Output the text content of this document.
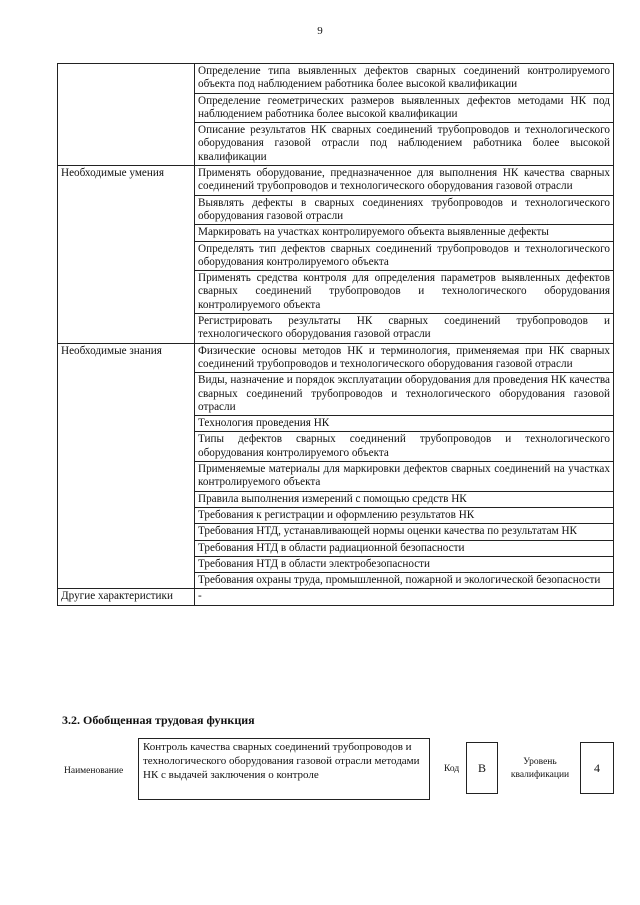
9
	Определение типа выявленных дефектов сварных соединений контролируемого объекта под наблюдением работника более высокой квалификации
	Определение геометрических размеров выявленных дефектов методами НК под наблюдением работника более высокой квалификации
	Описание результатов НК сварных соединений трубопроводов и технологического оборудования газовой отрасли под наблюдением работника более высокой квалификации
Необходимые умения	Применять оборудование, предназначенное для выполнения НК качества сварных соединений трубопроводов и технологического оборудования газовой отрасли
	Выявлять дефекты в сварных соединениях трубопроводов и технологического оборудования газовой отрасли
	Маркировать на участках контролируемого объекта выявленные дефекты
	Определять тип дефектов сварных соединений трубопроводов и технологического оборудования контролируемого объекта
	Применять средства контроля для определения параметров выявленных дефектов сварных соединений трубопроводов и технологического оборудования контролируемого объекта
	Регистрировать результаты НК сварных соединений трубопроводов и технологического оборудования газовой отрасли
Необходимые знания	Физические основы методов НК и терминология, применяемая при НК сварных соединений трубопроводов и технологического оборудования газовой отрасли
	Виды, назначение и порядок эксплуатации оборудования для проведения НК качества сварных соединений трубопроводов и технологического оборудования газовой отрасли
	Технология проведения НК
	Типы дефектов сварных соединений трубопроводов и технологического оборудования контролируемого объекта
	Применяемые материалы для маркировки дефектов сварных соединений на участках контролируемого объекта
	Правила выполнения измерений с помощью средств НК
	Требования к регистрации и оформлению результатов НК
	Требования НТД, устанавливающей нормы оценки качества по результатам НК
	Требования НТД в области радиационной безопасности
	Требования НТД в области электробезопасности
	Требования охраны труда, промышленной, пожарной и экологической безопасности
Другие характеристики	-
3.2. Обобщенная трудовая функция
Наименование
Контроль качества сварных соединений трубопроводов и технологического оборудования газовой отрасли методами НК с выдачей заключения о контроле	Код	B	Уровень квалификации
4
